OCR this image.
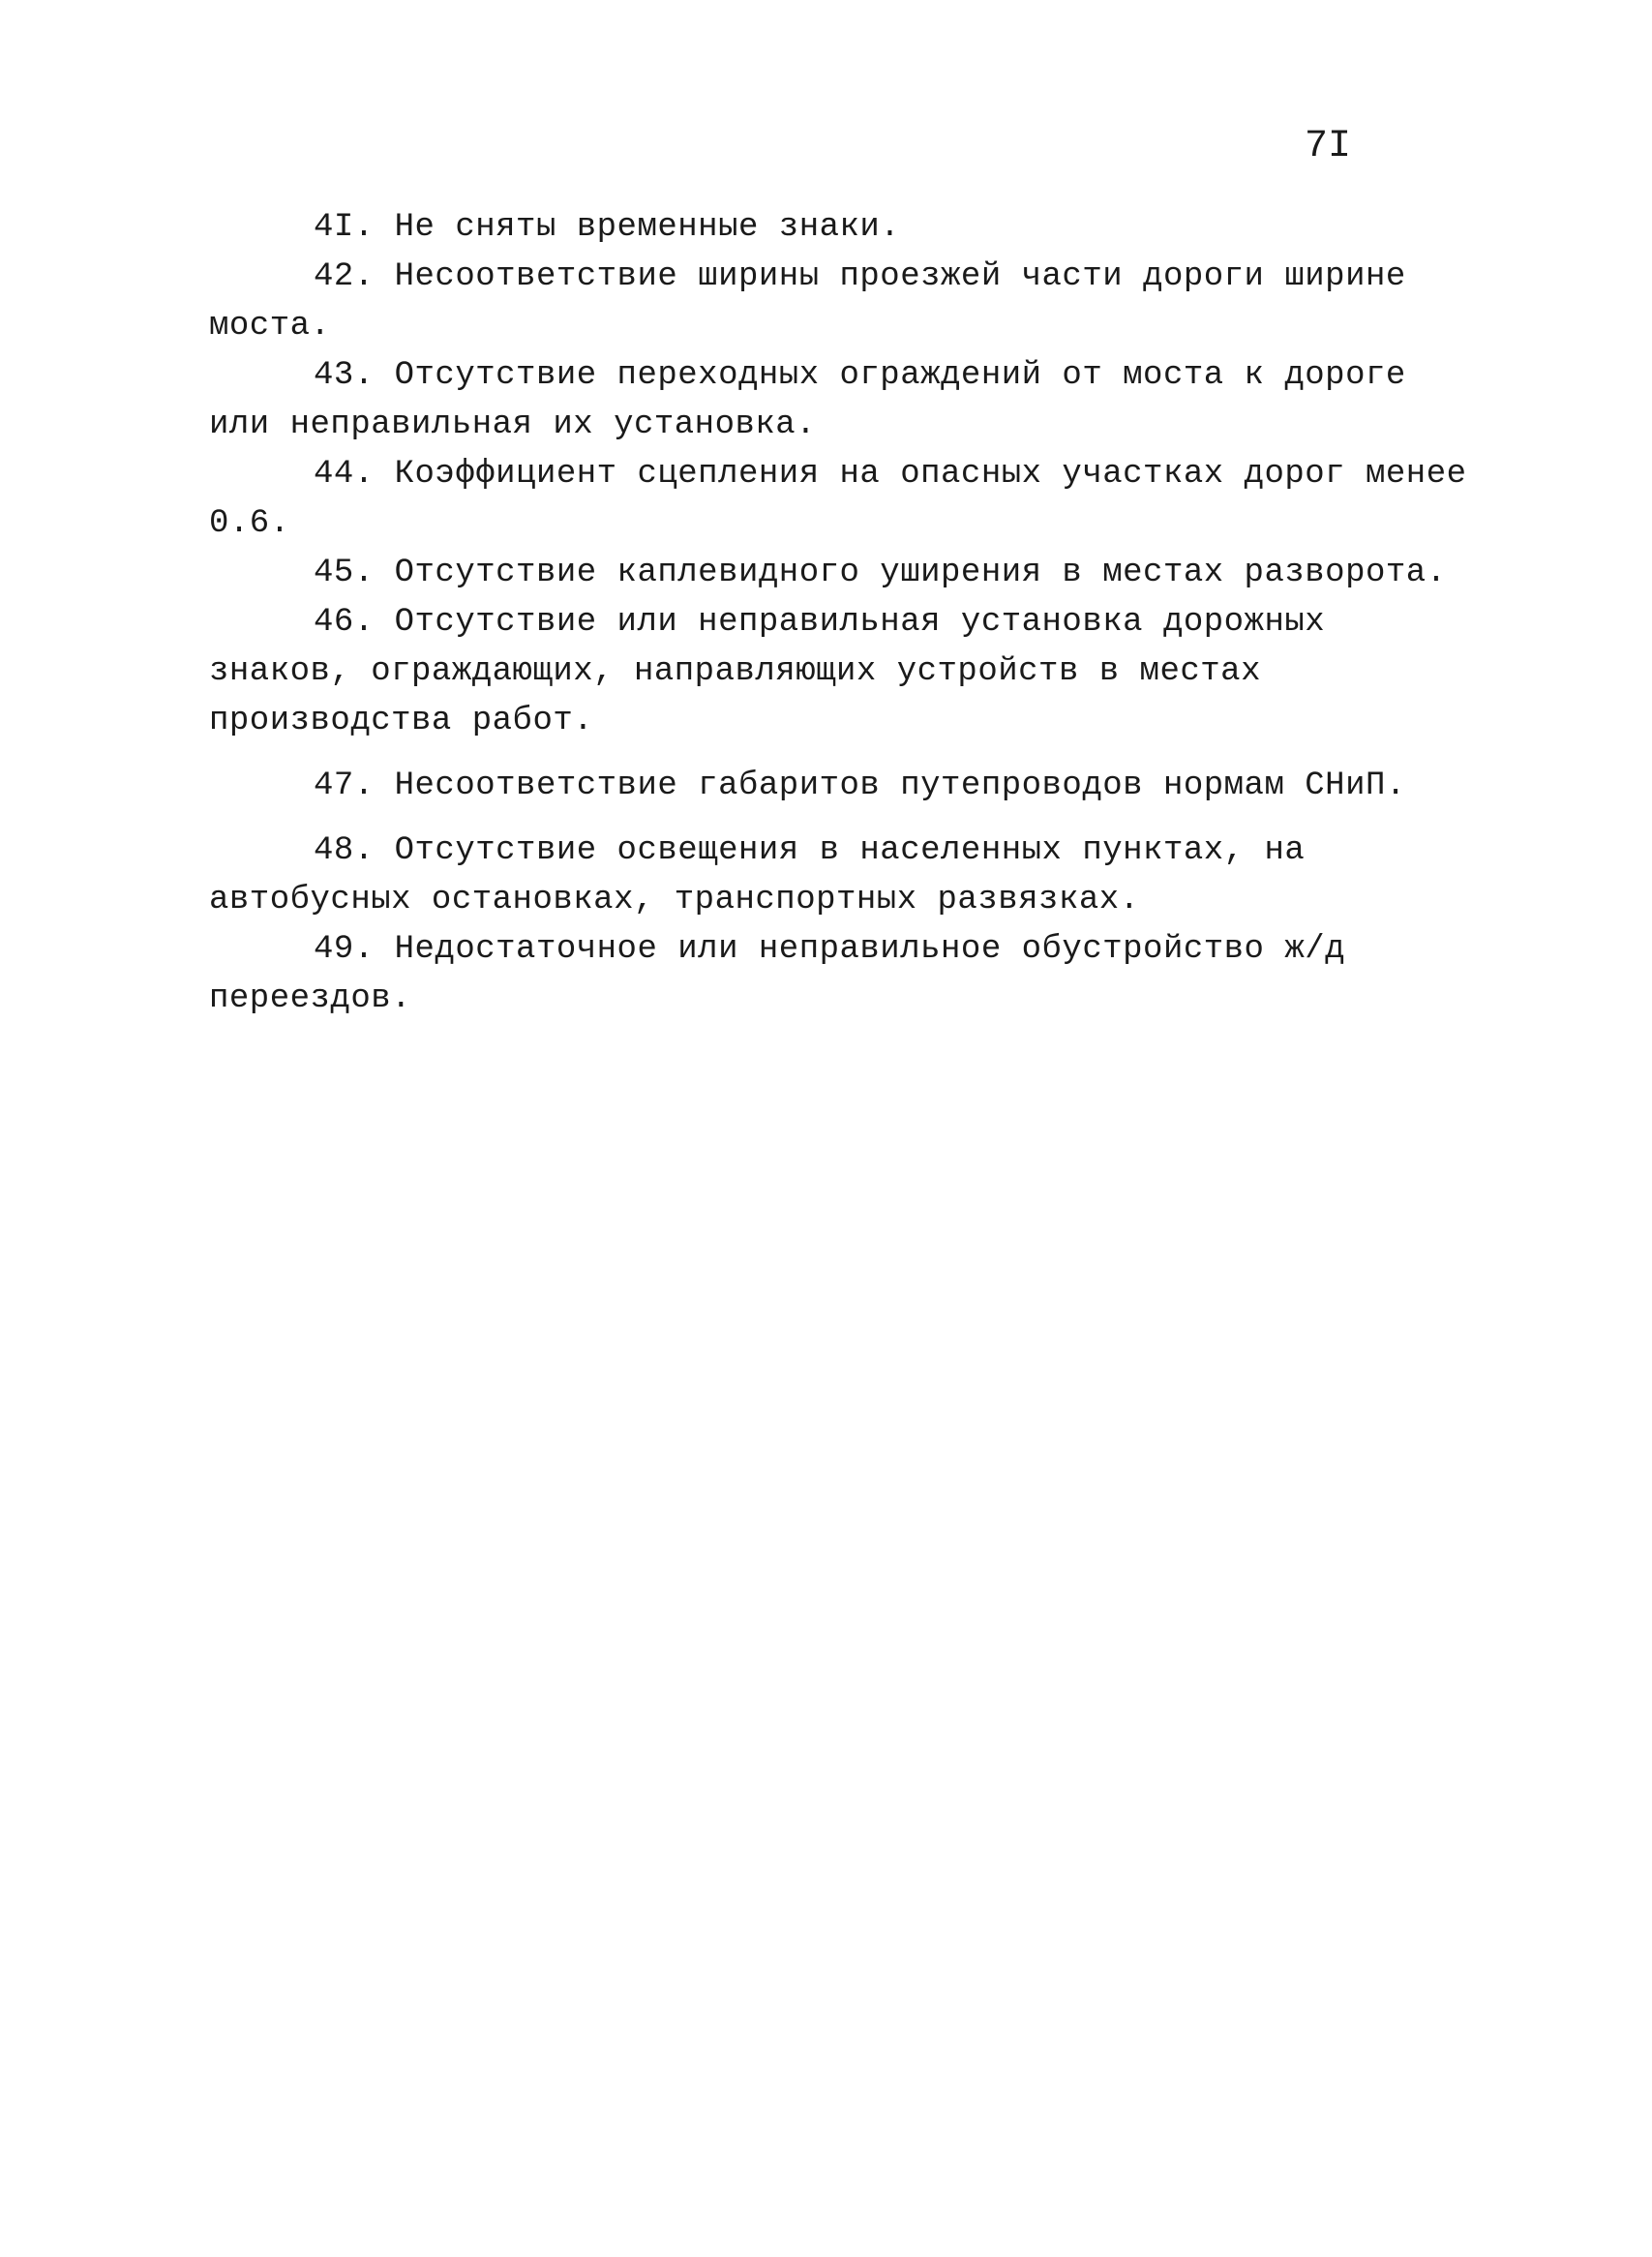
7I

4I. Не сняты временные знаки.

42. Несоответствие ширины проезжей части дороги ширине моста.

43. Отсутствие переходных ограждений от моста к дороге или неправильная их установка.

44. Коэффициент сцепления на опасных участках дорог менее 0.6.

45. Отсутствие каплевидного уширения в местах разворота.

46. Отсутствие или неправильная установка дорожных знаков, ограждающих, направляющих устройств в местах производства работ.

47. Несоответствие габаритов путепроводов нормам СНиП.

48. Отсутствие освещения в населенных пунктах, на автобусных остановках, транспортных развязках.

49. Недостаточное или неправильное обустройство ж/д переездов.
